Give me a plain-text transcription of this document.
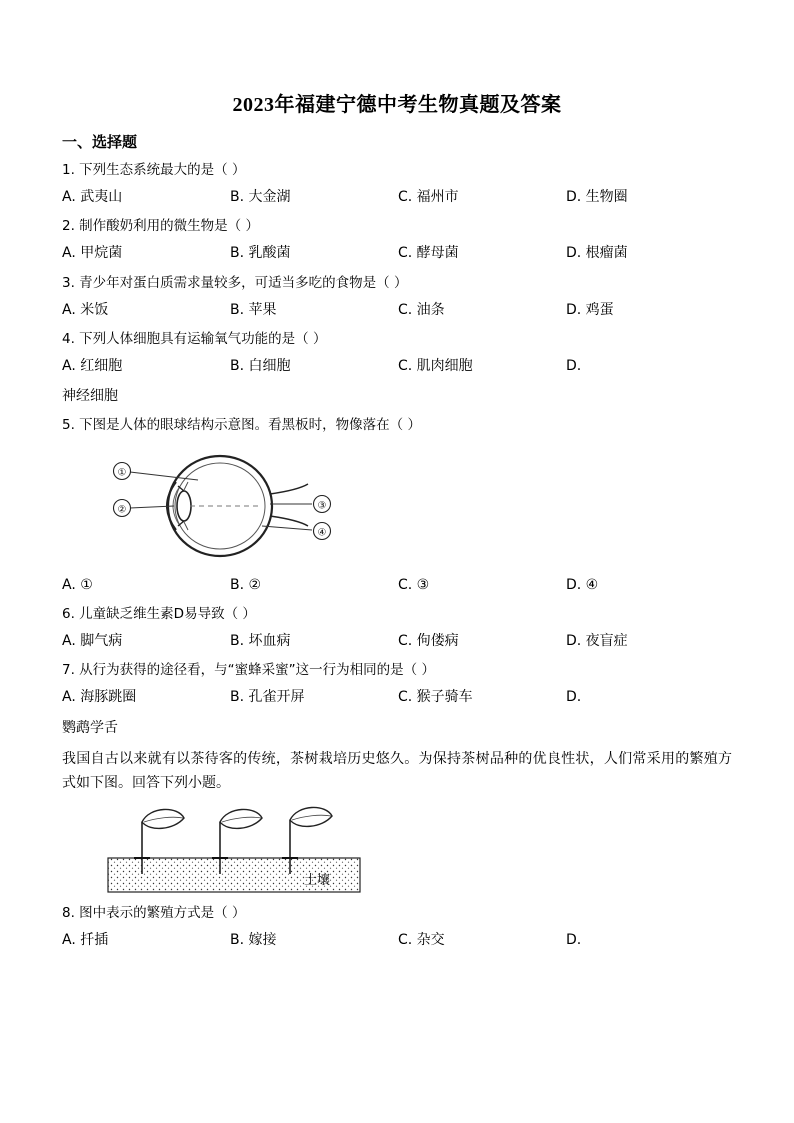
2023年福建宁德中考生物真题及答案
一、选择题
1. 下列生态系统最大的是（ ）
A. 武夷山	B. 大金湖	C. 福州市	D. 生物圈
2. 制作酸奶利用的微生物是（ ）
A. 甲烷菌	B. 乳酸菌	C. 酵母菌	D. 根瘤菌
3. 青少年对蛋白质需求量较多，可适当多吃的食物是（ ）
A. 米饭	B. 苹果	C. 油条	D. 鸡蛋
4. 下列人体细胞具有运输氧气功能的是（ ）
A. 红细胞	B. 白细胞	C. 肌肉细胞	D.
神经细胞
5. 下图是人体的眼球结构示意图。看黑板时，物像落在（ ）
①
②	③
④
A. ①	B. ②	C. ③	D. ④
6. 儿童缺乏维生素D易导致（ ）
A. 脚气病	B. 坏血病	C. 佝偻病	D. 夜盲症
7. 从行为获得的途径看，与“蜜蜂采蜜”这一行为相同的是（ ）
A. 海豚跳圈	B. 孔雀开屏	C. 猴子骑车	D.
鹦鹉学舌
我国自古以来就有以茶待客的传统，茶树栽培历史悠久。为保持茶树品种的优良性状，人们常采用的繁殖方式如下图。回答下列小题。
土壤
8. 图中表示的繁殖方式是（ ）
A. 扦插	B. 嫁接	C. 杂交	D.
